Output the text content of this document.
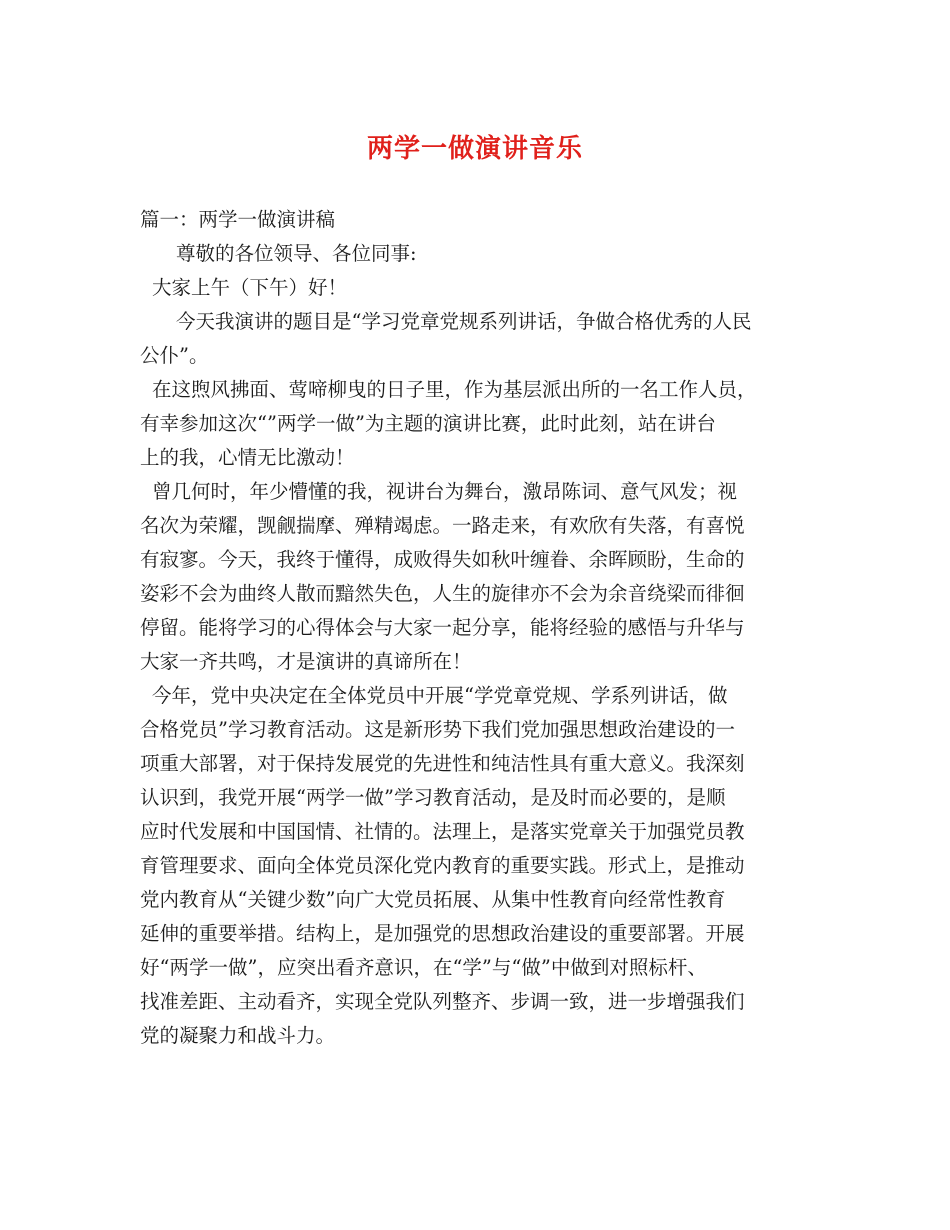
两学一做演讲音乐

篇一：两学一做演讲稿

尊敬的各位领导、各位同事:

大家上午（下午）好！

今天我演讲的题目是“学习党章党规系列讲话，争做合格优秀的人民

公仆”。

在这煦风拂面、莺啼柳曳的日子里，作为基层派出所的一名工作人员，

有幸参加这次“”两学一做”为主题的演讲比赛，此时此刻，站在讲台

上的我，心情无比激动！

曾几何时，年少懵懂的我，视讲台为舞台，激昂陈词、意气风发；视

名次为荣耀，觊觎揣摩、殚精竭虑。一路走来，有欢欣有失落，有喜悦

有寂寥。今天，我终于懂得，成败得失如秋叶缠眷、余晖顾盼，生命的

姿彩不会为曲终人散而黯然失色，人生的旋律亦不会为余音绕梁而徘徊

停留。能将学习的心得体会与大家一起分享，能将经验的感悟与升华与

大家一齐共鸣，才是演讲的真谛所在！

今年，党中央决定在全体党员中开展“学党章党规、学系列讲话，做

合格党员”学习教育活动。这是新形势下我们党加强思想政治建设的一

项重大部署，对于保持发展党的先进性和纯洁性具有重大意义。我深刻

认识到，我党开展“两学一做”学习教育活动，是及时而必要的，是顺

应时代发展和中国国情、社情的。法理上，是落实党章关于加强党员教

育管理要求、面向全体党员深化党内教育的重要实践。形式上，是推动

党内教育从“关键少数”向广大党员拓展、从集中性教育向经常性教育

延伸的重要举措。结构上，是加强党的思想政治建设的重要部署。开展

好“两学一做”，应突出看齐意识，在“学”与“做”中做到对照标杆、

找准差距、主动看齐，实现全党队列整齐、步调一致，进一步增强我们

党的凝聚力和战斗力。
